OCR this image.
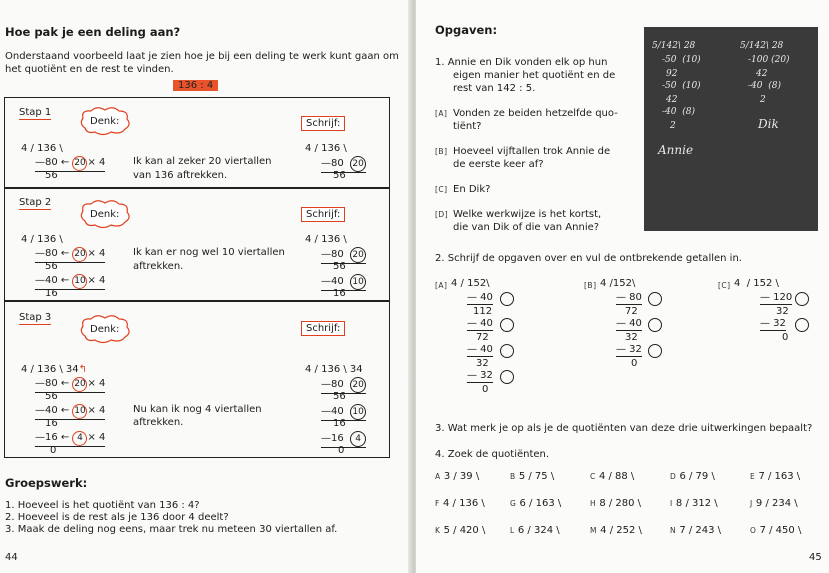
Hoe pak je een deling aan?
Onderstaand voorbeeld laat je zien hoe je bij een deling te werk kunt gaan om
het quotiënt en de rest te vinden.
136 : 4
Stap 1
Denk:	Schrijf:
4 / 136 \
—80 ← 20 × 4
56
Ik kan al zeker 20 viertallen
van 136 aftrekken.
4 / 136 \
—80  20
56
Stap 2
Denk:	Schrijf:
4 / 136 \
—80 ← 20 × 4
56
—40 ← 10 × 4
16
Ik kan er nog wel 10 viertallen
aftrekken.
4 / 136 \
—80  20
56
—40  10
16
Stap 3
Denk:	Schrijf:
4 / 136 \ 34↰
—80 ← 20 × 4
56
—40 ← 10 × 4
16
—16 ← 4 × 4
0
Nu kan ik nog 4 viertallen
aftrekken.
4 / 136 \ 34
—80  20
56
—40  10
16
—16  4
0
Groepswerk:
1. Hoeveel is het quotiënt van 136 : 4?
2. Hoeveel is de rest als je 136 door 4 deelt?
3. Maak de deling nog eens, maar trek nu meteen 30 viertallen af.
44
Opgaven:
1. Annie en Dik vonden elk op hun
eigen manier het quotiënt en de
rest van 142 : 5.
[A] Vonden ze beiden hetzelfde quo-
tiënt?
[B] Hoeveel vijftallen trok Annie de
de eerste keer af?
[C] En Dik?
[D] Welke werkwijze is het kortst,
die van Dik of die van Annie?
2. Schrijf de opgaven over en vul de ontbrekende getallen in.
[A] 4 / 152\
— 40
112
— 40
72
— 40
32
— 32
0
[B] 4 /152\
— 80
72
— 40
32
— 32
0
[C] 4  / 152 \
— 120
32
— 32
0
3. Wat merk je op als je de quotiënten van deze drie uitwerkingen bepaalt?
4. Zoek de quotiënten.
A 3 / 39 \	B 5 / 75 \	C 4 / 88 \	D 6 / 79 \	E 7 / 163 \
F 4 / 136 \	G 6 / 163 \	H 8 / 280 \	I 8 / 312 \	J 9 / 234 \
K 5 / 420 \	L 6 / 324 \	M 4 / 252 \	N 7 / 243 \	O 7 / 450 \
45
5/142\ 28
-50  (10)
92
-50  (10)
42
-40  (8)
2
Annie
5/142\ 28
-100 (20)
42
-40  (8)
2
Dik
